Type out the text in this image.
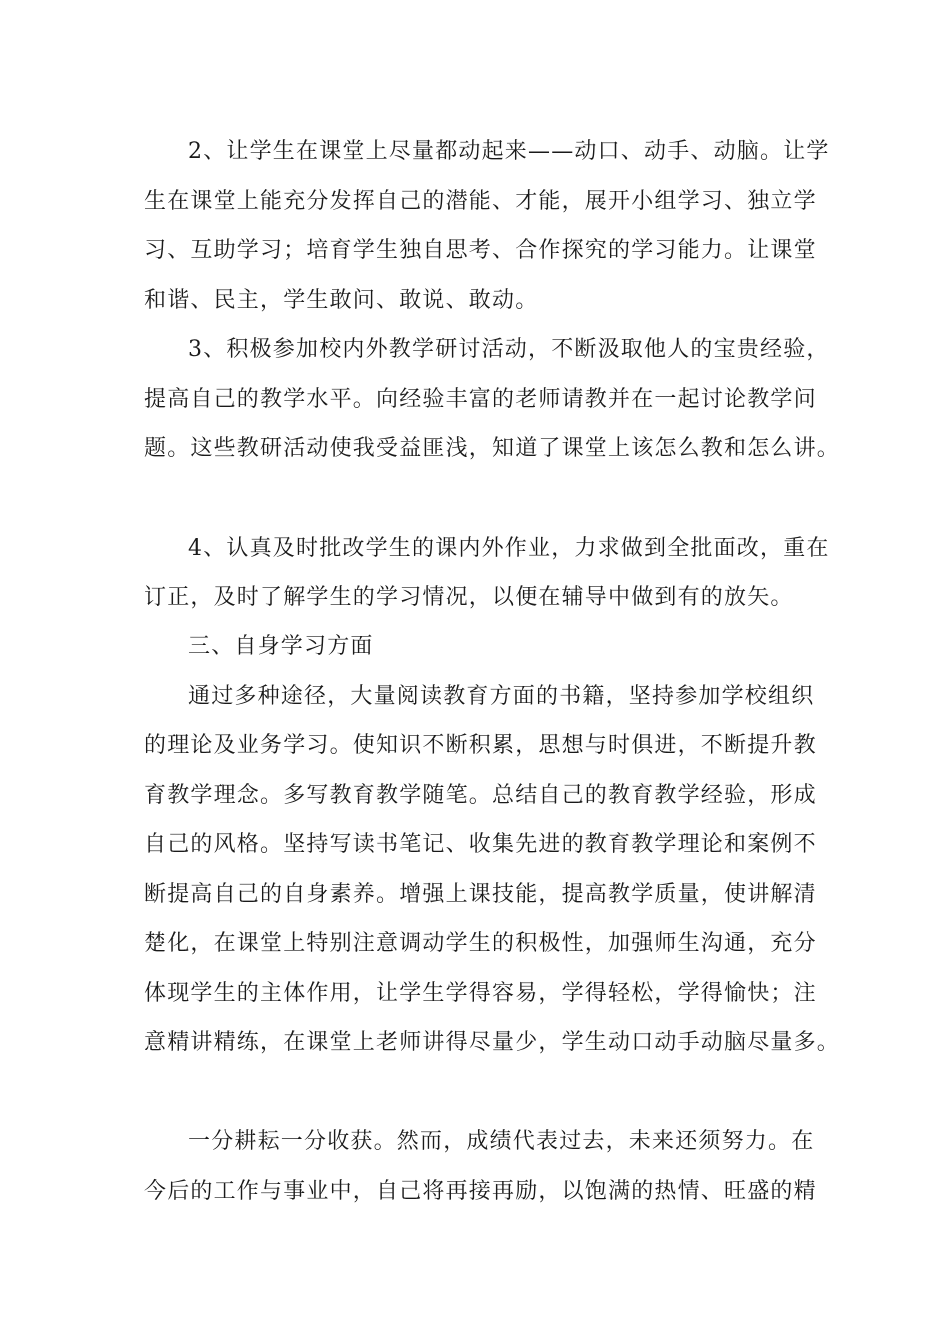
2、让学生在课堂上尽量都动起来——动口、动手、动脑。让学
生在课堂上能充分发挥自己的潜能、才能，展开小组学习、独立学
习、互助学习；培育学生独自思考、合作探究的学习能力。让课堂
和谐、民主，学生敢问、敢说、敢动。
3、积极参加校内外教学研讨活动，不断汲取他人的宝贵经验，
提高自己的教学水平。向经验丰富的老师请教并在一起讨论教学问
题。这些教研活动使我受益匪浅，知道了课堂上该怎么教和怎么讲。
4、认真及时批改学生的课内外作业，力求做到全批面改，重在
订正，及时了解学生的学习情况，以便在辅导中做到有的放矢。
三、自身学习方面
通过多种途径，大量阅读教育方面的书籍，坚持参加学校组织
的理论及业务学习。使知识不断积累，思想与时俱进，不断提升教
育教学理念。多写教育教学随笔。总结自己的教育教学经验，形成
自己的风格。坚持写读书笔记、收集先进的教育教学理论和案例不
断提高自己的自身素养。增强上课技能，提高教学质量，使讲解清
楚化，在课堂上特别注意调动学生的积极性，加强师生沟通，充分
体现学生的主体作用，让学生学得容易，学得轻松，学得愉快；注
意精讲精练，在课堂上老师讲得尽量少，学生动口动手动脑尽量多。
一分耕耘一分收获。然而，成绩代表过去，未来还须努力。在
今后的工作与事业中，自己将再接再励，以饱满的热情、旺盛的精
